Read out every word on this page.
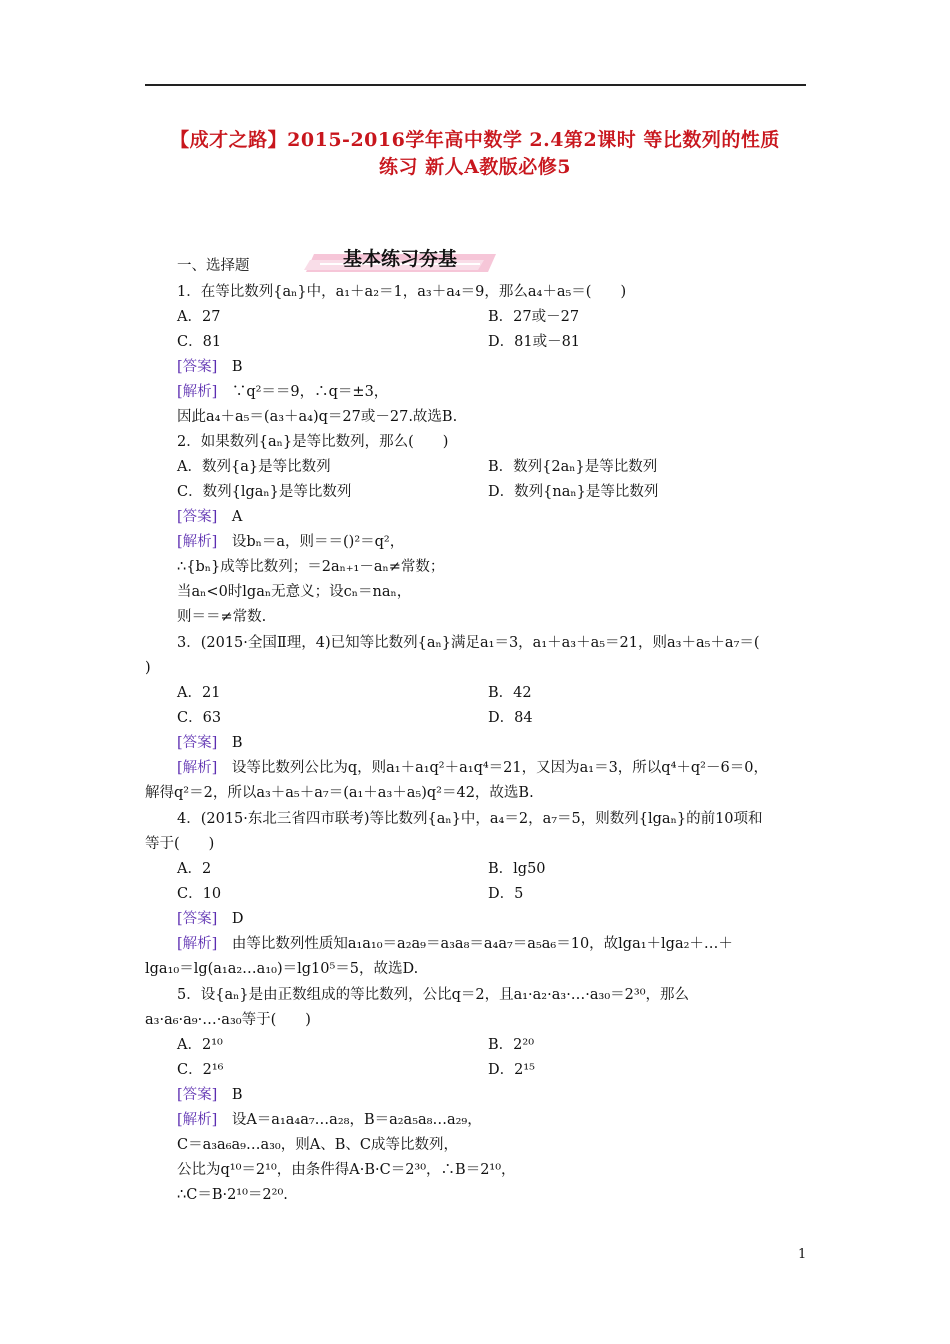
【成才之路】2015-2016学年高中数学 2.4第2课时 等比数列的性质
练习 新人A教版必修5
基本练习夯基
一、选择题
1．在等比数列{aₙ}中，a₁＋a₂＝1，a₃＋a₄＝9，那么a₄＋a₅＝(　　)
A．27	B．27或－27
C．81	D．81或－81
[答案]　 B
[解析]　 ∵q²＝＝9，∴q＝±3，
因此a₄＋a₅＝(a₃＋a₄)q＝27或－27.故选B.
2．如果数列{aₙ}是等比数列，那么(　　)
A．数列{a}是等比数列	B．数列{2aₙ}是等比数列
C．数列{lgaₙ}是等比数列	D．数列{naₙ}是等比数列
[答案]　 A
[解析]　 设bₙ＝a，则＝＝()²＝q²，
∴{bₙ}成等比数列；＝2aₙ₊₁－aₙ≠常数；
当aₙ<0时lgaₙ无意义；设cₙ＝naₙ，
则＝＝≠常数.
3．(2015·全国Ⅱ理，4)已知等比数列{aₙ}满足a₁＝3，a₁＋a₃＋a₅＝21，则a₃＋a₅＋a₇＝(
)
A．21	B．42
C．63	D．84
[答案]　 B
[解析]　 设等比数列公比为q，则a₁＋a₁q²＋a₁q⁴＝21，又因为a₁＝3，所以q⁴＋q²－6＝0，
解得q²＝2，所以a₃＋a₅＋a₇＝(a₁＋a₃＋a₅)q²＝42，故选B.
4．(2015·东北三省四市联考)等比数列{aₙ}中，a₄＝2，a₇＝5，则数列{lgaₙ}的前10项和
等于(　　)
A．2	B．lg50
C．10	D．5
[答案]　 D
[解析]　 由等比数列性质知a₁a₁₀＝a₂a₉＝a₃a₈＝a₄a₇＝a₅a₆＝10，故lga₁＋lga₂＋…＋
lga₁₀＝lg(a₁a₂…a₁₀)＝lg10⁵＝5，故选D.
5．设{aₙ}是由正数组成的等比数列，公比q＝2，且a₁·a₂·a₃·…·a₃₀＝2³⁰，那么
a₃·a₆·a₉·…·a₃₀等于(　　)
A．2¹⁰	B．2²⁰
C．2¹⁶	D．2¹⁵
[答案]　 B
[解析]　 设A＝a₁a₄a₇…a₂₈，B＝a₂a₅a₈…a₂₉，
C＝a₃a₆a₉…a₃₀，则A、B、C成等比数列，
公比为q¹⁰＝2¹⁰，由条件得A·B·C＝2³⁰，∴B＝2¹⁰，
∴C＝B·2¹⁰＝2²⁰.
1
